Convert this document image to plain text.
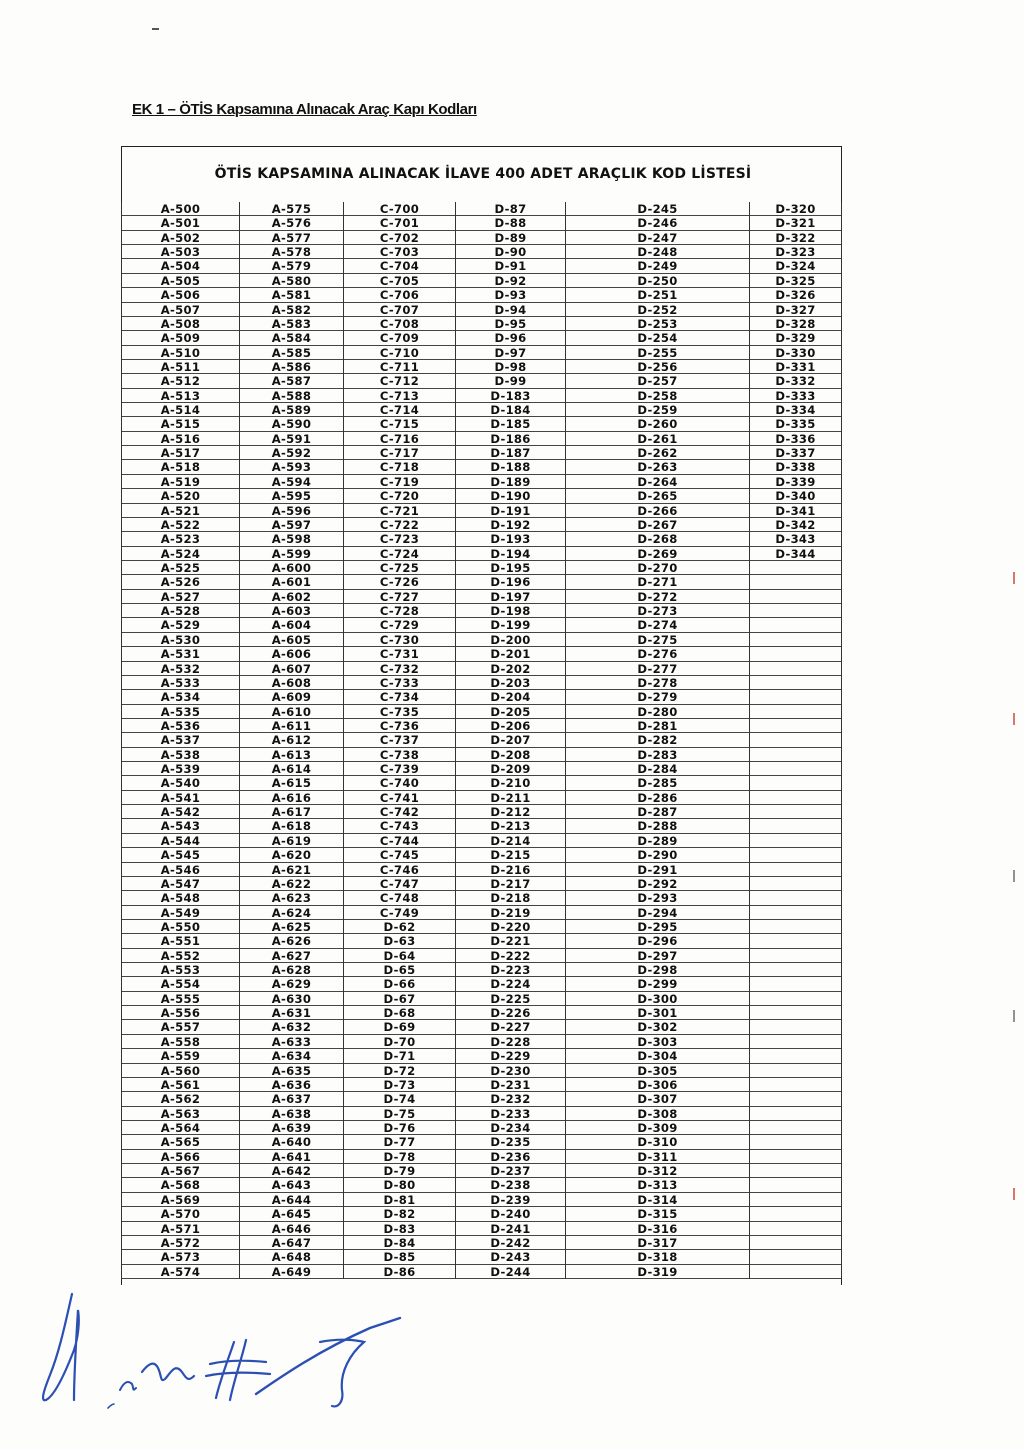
EK 1 – ÖTİS Kapsamına Alınacak Araç Kapı Kodları
ÖTİS KAPSAMINA ALINACAK İLAVE 400 ADET ARAÇLIK KOD LİSTESİ
A-500
A-501
A-502
A-503
A-504
A-505
A-506
A-507
A-508
A-509
A-510
A-511
A-512
A-513
A-514
A-515
A-516
A-517
A-518
A-519
A-520
A-521
A-522
A-523
A-524
A-525
A-526
A-527
A-528
A-529
A-530
A-531
A-532
A-533
A-534
A-535
A-536
A-537
A-538
A-539
A-540
A-541
A-542
A-543
A-544
A-545
A-546
A-547
A-548
A-549
A-550
A-551
A-552
A-553
A-554
A-555
A-556
A-557
A-558
A-559
A-560
A-561
A-562
A-563
A-564
A-565
A-566
A-567
A-568
A-569
A-570
A-571
A-572
A-573
A-574
A-575
A-576
A-577
A-578
A-579
A-580
A-581
A-582
A-583
A-584
A-585
A-586
A-587
A-588
A-589
A-590
A-591
A-592
A-593
A-594
A-595
A-596
A-597
A-598
A-599
A-600
A-601
A-602
A-603
A-604
A-605
A-606
A-607
A-608
A-609
A-610
A-611
A-612
A-613
A-614
A-615
A-616
A-617
A-618
A-619
A-620
A-621
A-622
A-623
A-624
A-625
A-626
A-627
A-628
A-629
A-630
A-631
A-632
A-633
A-634
A-635
A-636
A-637
A-638
A-639
A-640
A-641
A-642
A-643
A-644
A-645
A-646
A-647
A-648
A-649
C-700
C-701
C-702
C-703
C-704
C-705
C-706
C-707
C-708
C-709
C-710
C-711
C-712
C-713
C-714
C-715
C-716
C-717
C-718
C-719
C-720
C-721
C-722
C-723
C-724
C-725
C-726
C-727
C-728
C-729
C-730
C-731
C-732
C-733
C-734
C-735
C-736
C-737
C-738
C-739
C-740
C-741
C-742
C-743
C-744
C-745
C-746
C-747
C-748
C-749
D-62
D-63
D-64
D-65
D-66
D-67
D-68
D-69
D-70
D-71
D-72
D-73
D-74
D-75
D-76
D-77
D-78
D-79
D-80
D-81
D-82
D-83
D-84
D-85
D-86
D-87
D-88
D-89
D-90
D-91
D-92
D-93
D-94
D-95
D-96
D-97
D-98
D-99
D-183
D-184
D-185
D-186
D-187
D-188
D-189
D-190
D-191
D-192
D-193
D-194
D-195
D-196
D-197
D-198
D-199
D-200
D-201
D-202
D-203
D-204
D-205
D-206
D-207
D-208
D-209
D-210
D-211
D-212
D-213
D-214
D-215
D-216
D-217
D-218
D-219
D-220
D-221
D-222
D-223
D-224
D-225
D-226
D-227
D-228
D-229
D-230
D-231
D-232
D-233
D-234
D-235
D-236
D-237
D-238
D-239
D-240
D-241
D-242
D-243
D-244
D-245
D-246
D-247
D-248
D-249
D-250
D-251
D-252
D-253
D-254
D-255
D-256
D-257
D-258
D-259
D-260
D-261
D-262
D-263
D-264
D-265
D-266
D-267
D-268
D-269
D-270
D-271
D-272
D-273
D-274
D-275
D-276
D-277
D-278
D-279
D-280
D-281
D-282
D-283
D-284
D-285
D-286
D-287
D-288
D-289
D-290
D-291
D-292
D-293
D-294
D-295
D-296
D-297
D-298
D-299
D-300
D-301
D-302
D-303
D-304
D-305
D-306
D-307
D-308
D-309
D-310
D-311
D-312
D-313
D-314
D-315
D-316
D-317
D-318
D-319
D-320
D-321
D-322
D-323
D-324
D-325
D-326
D-327
D-328
D-329
D-330
D-331
D-332
D-333
D-334
D-335
D-336
D-337
D-338
D-339
D-340
D-341
D-342
D-343
D-344
